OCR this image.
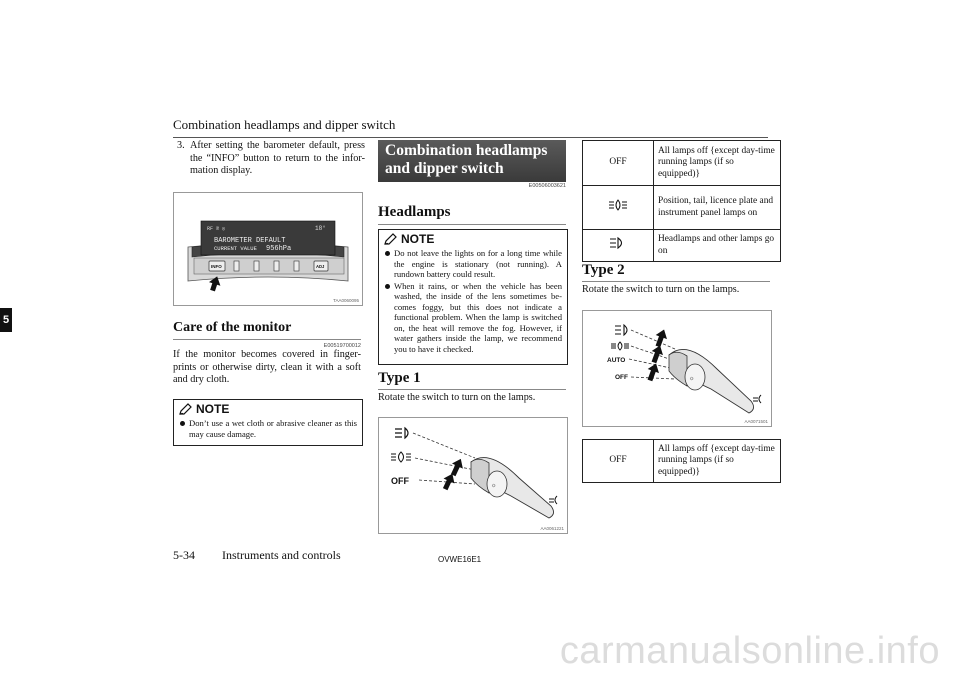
Combination headlamps and dipper switch
5
3. After setting the barometer default, press the “INFO” button to return to the infor-mation display.
RF ℗ ◎	18°
BAROMETER DEFAULT
CURRENT VALUE 956hPa
INFO	ADJ
TAA0060095
Care of the monitor
E00519700012
If the monitor becomes covered in finger-prints or otherwise dirty, clean it with a soft and dry cloth.
NOTE
Don’t use a wet cloth or abrasive cleaner as this may cause damage.
Combination headlamps and dipper switch
E00506003621
Headlamps
NOTE
Do not leave the lights on for a long time while the engine is stationary (not running). A rundown battery could result.
When it rains, or when the vehicle has been washed, the inside of the lens sometimes be-comes foggy, but this does not indicate a functional problem. When the lamp is switched on, the heat will remove the fog. However, if water gathers inside the lamp, we recommend you to have it checked.
Type 1
Rotate the switch to turn on the lamps.
OFF	☼
AA0061221
OFF	All lamps off {except day-time running lamps (if so equipped)}
	Position, tail, licence plate and instrument panel lamps on
	Headlamps and other lamps go on
Type 2
Rotate the switch to turn on the lamps.
AUTO
OFF	☼
AA0071501
OFF	All lamps off {except day-time running lamps (if so equipped)}
5-34 Instruments and controls	OVWE16E1
carmanualsonline.info
